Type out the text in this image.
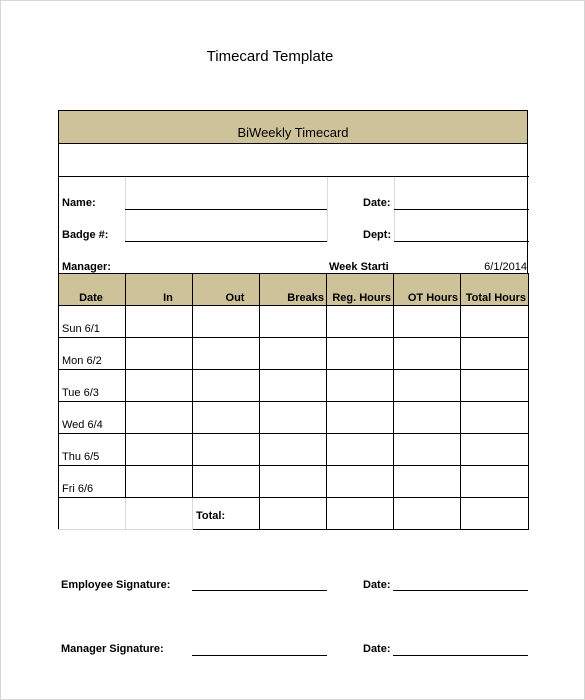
Timecard Template
BiWeekly Timecard
Name:	Date:
Badge #:	Dept:
Manager:	Week Starti	6/1/2014
Date	In	Out	Breaks	Reg. Hours	OT Hours	Total Hours
Sun 6/1						
Mon 6/2						
Tue 6/3						
Wed 6/4						
Thu 6/5						
Fri 6/6						
		Total:				
Employee Signature:	Date:
Manager Signature:	Date:
